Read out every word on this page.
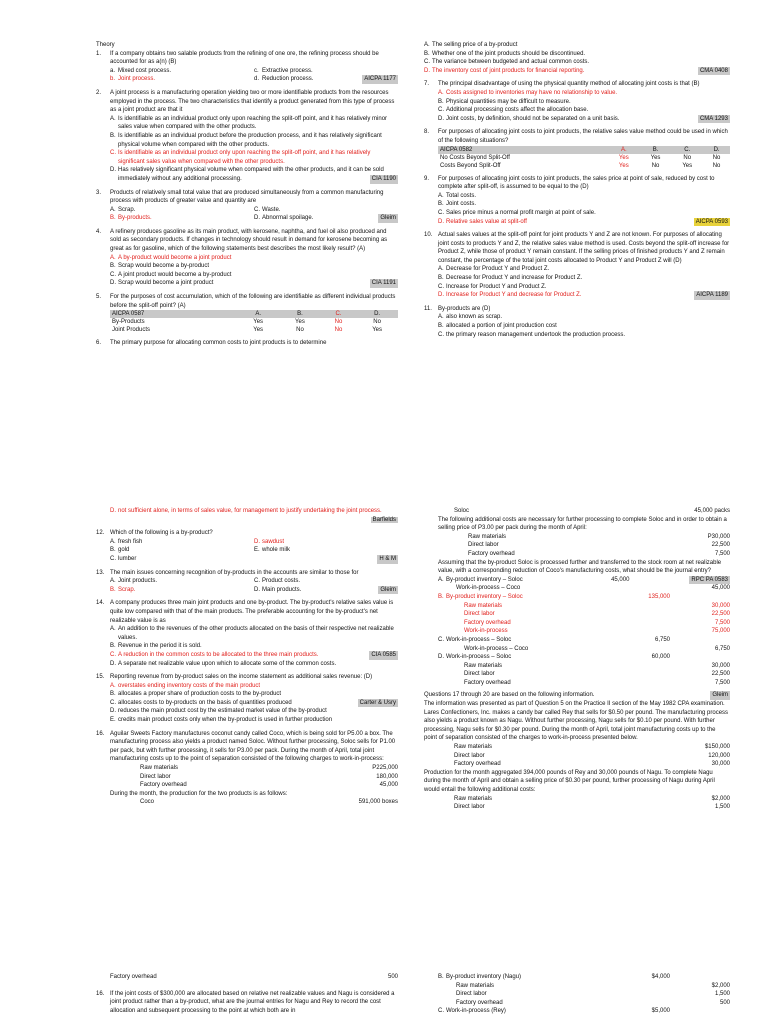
Theory
1. If a company obtains two salable products from the refining of one ore, the refining process should be accounted for as a(n) (B)
a. Mixed cost process.	c. Extractive process.
b. Joint process.	d. Reduction process.	AICPA 1177
2. A joint process is a manufacturing operation yielding two or more identifiable products from the resources employed in the process. The two characteristics that identify a product generated from this type of process as a joint product are that it
A. Is identifiable as an individual product only upon reaching the split-off point, and it has relatively minor sales value when compared with the other products.
B. Is identifiable as an individual product before the production process, and it has relatively significant physical volume when compared with the other products.
C. Is identifiable as an individual product only upon reaching the split-off point, and it has relatively significant sales value when compared with the other products.
D. Has relatively significant physical volume when compared with the other products, and it can be sold immediately without any additional processing.	CIA 1190
3. Products of relatively small total value that are produced simultaneously from a common manufacturing process with products of greater value and quantity are
A. Scrap.	C. Waste.
B. By-products.	D. Abnormal spoilage.	Gleim
4. A refinery produces gasoline as its main product, with kerosene, naphtha, and fuel oil also produced and sold as secondary products. If changes in technology should result in demand for kerosene becoming as great as for gasoline, which of the following statements best describes the most likely result? (A)
A. A by-product would become a joint product
B. Scrap would become a by-product
C. A joint product would become a by-product
D. Scrap would become a joint product	CIA 1191
5. For the purposes of cost accumulation, which of the following are identifiable as different individual products before the split-off point? (A)
AICPA 0587	A.	B.	C.	D.
By-Products	Yes	Yes	No	No
Joint Products	Yes	No	No	Yes
6. The primary purpose for allocating common costs to joint products is to determine
A. The selling price of a by-product
B. Whether one of the joint products should be discontinued.
C. The variance between budgeted and actual common costs.
D. The inventory cost of joint products for financial reporting.	CMA 0408
7. The principal disadvantage of using the physical quantity method of allocating joint costs is that (B)
A. Costs assigned to inventories may have no relationship to value.
B. Physical quantities may be difficult to measure.
C. Additional processing costs affect the allocation base.
D. Joint costs, by definition, should not be separated on a unit basis.	CMA 1293
8. For purposes of allocating joint costs to joint products, the relative sales value method could be used in which of the following situations?
AICPA 0582	A.	B.	C.	D.
No Costs Beyond Split-Off	Yes	Yes	No	No
Costs Beyond Split-Off	Yes	No	Yes	No
9. For purposes of allocating joint costs to joint products, the sales price at point of sale, reduced by cost to complete after split-off, is assumed to be equal to the (D)
A. Total costs.
B. Joint costs.
C. Sales price minus a normal profit margin at point of sale.
D. Relative sales value at split-off	AICPA 0593
10. Actual sales values at the split-off point for joint products Y and Z are not known. For purposes of allocating joint costs to products Y and Z, the relative sales value method is used. Costs beyond the split-off increase for Product Z, while those of product Y remain constant. If the selling prices of finished products Y and Z remain constant, the percentage of the total joint costs allocated to Product Y and Product Z will (D)
A. Decrease for Product Y and Product Z.
B. Decrease for Product Y and increase for Product Z.
C. Increase for Product Y and Product Z.
D. Increase for Product Y and decrease for Product Z.	AICPA 1189
11. By-products are (D)
A. also known as scrap.
B. allocated a portion of joint production cost
C. the primary reason management undertook the production process.
D. not sufficient alone, in terms of sales value, for management to justify undertaking the joint process.
Barfields
12. Which of the following is a by-product?
A. fresh fish	D. sawdust
B. gold	E. whole milk
C. lumber	H & M
13. The main issues concerning recognition of by-products in the accounts are similar to those for
A. Joint products.	C. Product costs.
B. Scrap.	D. Main products.	Gleim
14. A company produces three main joint products and one by-product. The by-product's relative sales value is quite low compared with that of the main products. The preferable accounting for the by-product's net realizable value is as
A. An addition to the revenues of the other products allocated on the basis of their respective net realizable values.
B. Revenue in the period it is sold.
C. A reduction in the common costs to be allocated to the three main products.	CIA 0585
D. A separate net realizable value upon which to allocate some of the common costs.
15. Reporting revenue from by-product sales on the income statement as additional sales revenue: (D)
A. overstates ending inventory costs of the main product
B. allocates a proper share of production costs to the by-product
C. allocates costs to by-products on the basis of quantities produced	Carter & Usry
D. reduces the main product cost by the estimated market value of the by-product
E. credits main product costs only when the by-product is used in further production
16. Aguilar Sweets Factory manufactures coconut candy called Coco, which is being sold for P5.00 a box. The manufacturing process also yields a product named Soloc. Without further processing, Soloc sells for P1.00 per pack, but with further processing, it sells for P3.00 per pack. During the month of April, total joint manufacturing costs up to the point of separation consisted of the following charges to work-in-process:
Raw materials	P225,000
Direct labor	180,000
Factory overhead	45,000
During the month, the production for the two products is as follows:
Coco	591,000 boxes
Soloc	45,000 packs
The following additional costs are necessary for further processing to complete Soloc and in order to obtain a selling price of P3.00 per pack during the month of April:
Raw materials	P30,000
Direct labor	22,500
Factory overhead	7,500
Assuming that the by-product Soloc is processed further and transferred to the stock room at net realizable value, with a corresponding reduction of Coco's manufacturing costs, what should be the journal entry?
RPC PA 0583
A. By-product inventory – Soloc	45,000
Work-in-process – Coco	45,000
B. By-product inventory – Soloc	135,000
Raw materials	30,000
Direct labor	22,500
Factory overhead	7,500
Work-in-process	75,000
C. Work-in-process – Soloc	6,750
Work-in-process – Coco	6,750
D. Work-in-process – Soloc	60,000
Raw materials	30,000
Direct labor	22,500
Factory overhead	7,500
Questions 17 through 20 are based on the following information.	Gleim
The information was presented as part of Question 5 on the Practice II section of the May 1982 CPA examination.
Lares Confectioners, Inc. makes a candy bar called Rey that sells for $0.50 per pound. The manufacturing process also yields a product known as Nagu. Without further processing, Nagu sells for $0.10 per pound. With further processing, Nagu sells for $0.30 per pound. During the month of April, total joint manufacturing costs up to the point of separation consisted of the charges to work-in-process presented below.
Raw materials	$150,000
Direct labor	120,000
Factory overhead	30,000
Production for the month aggregated 394,000 pounds of Rey and 30,000 pounds of Nagu. To complete Nagu during the month of April and obtain a selling price of $0.30 per pound, further processing of Nagu during April would entail the following additional costs:
Raw materials	$2,000
Direct labor	1,500
Factory overhead	500
16. If the joint costs of $300,000 are allocated based on relative net realizable values and Nagu is considered a joint product rather than a by-product, what are the journal entries for Nagu and Rey to record the cost allocation and subsequent processing to the point at which both are in
B. By-product inventory (Nagu)	$4,000
Raw materials	$2,000
Direct labor	1,500
Factory overhead	500
C. Work-in-process (Rey)	$5,000
